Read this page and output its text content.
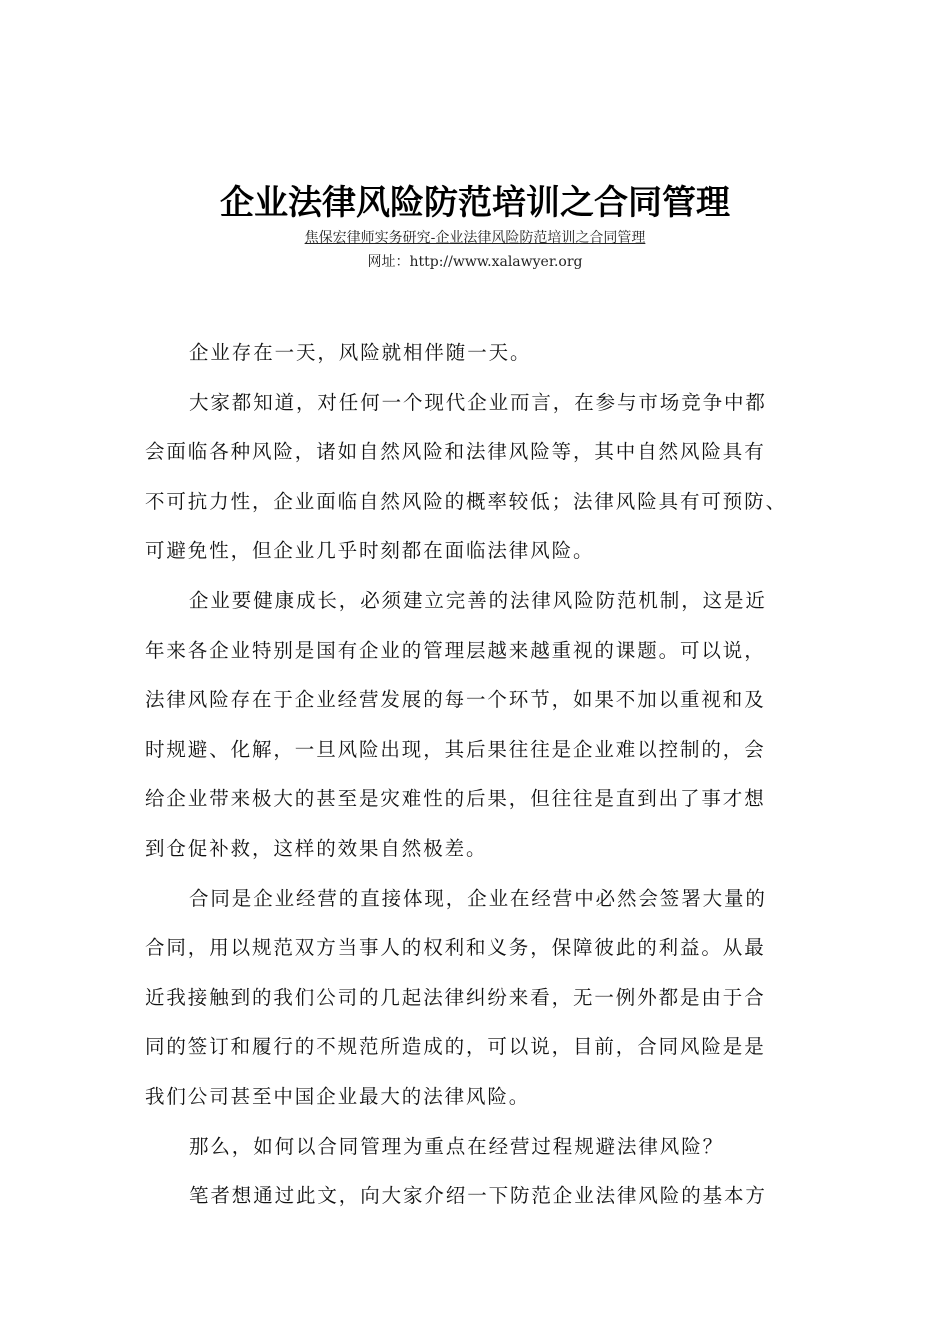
企业法律风险防范培训之合同管理
焦保宏律师实务研究-企业法律风险防范培训之合同管理
网址：http://www.xalawyer.org
企业存在一天，风险就相伴随一天。
大家都知道，对任何一个现代企业而言，在参与市场竞争中都
会面临各种风险，诸如自然风险和法律风险等，其中自然风险具有
不可抗力性，企业面临自然风险的概率较低；法律风险具有可预防、
可避免性，但企业几乎时刻都在面临法律风险。
企业要健康成长，必须建立完善的法律风险防范机制，这是近
年来各企业特别是国有企业的管理层越来越重视的课题。可以说，
法律风险存在于企业经营发展的每一个环节，如果不加以重视和及
时规避、化解，一旦风险出现，其后果往往是企业难以控制的，会
给企业带来极大的甚至是灾难性的后果，但往往是直到出了事才想
到仓促补救，这样的效果自然极差。
合同是企业经营的直接体现，企业在经营中必然会签署大量的
合同，用以规范双方当事人的权利和义务，保障彼此的利益。从最
近我接触到的我们公司的几起法律纠纷来看，无一例外都是由于合
同的签订和履行的不规范所造成的，可以说，目前，合同风险是是
我们公司甚至中国企业最大的法律风险。
那么，如何以合同管理为重点在经营过程规避法律风险？
笔者想通过此文，向大家介绍一下防范企业法律风险的基本方
